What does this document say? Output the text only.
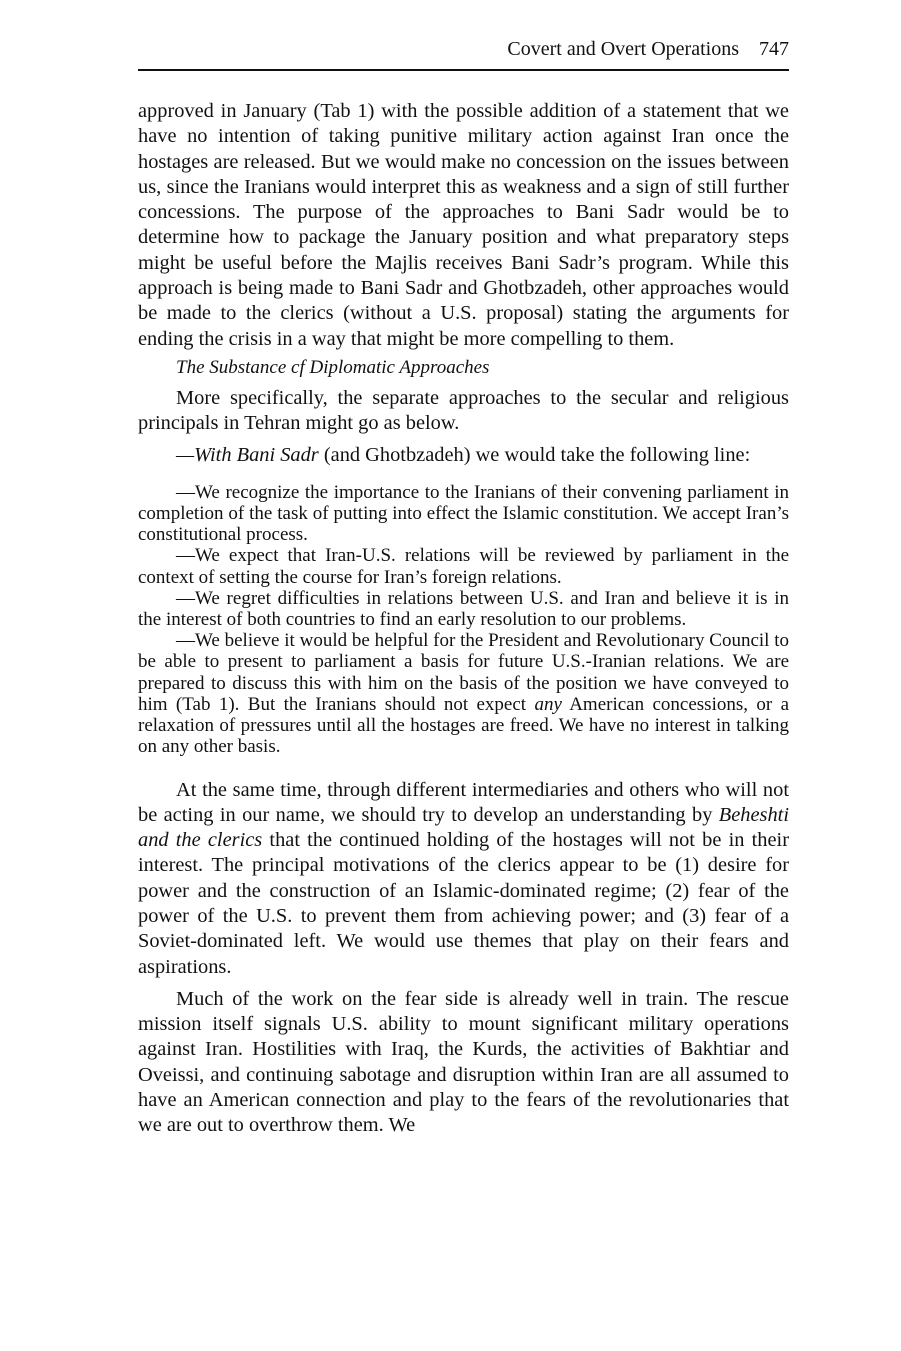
Covert and Overt Operations 747

approved in January (Tab 1) with the possible addition of a statement that we have no intention of taking punitive military action against Iran once the hostages are released. But we would make no concession on the issues between us, since the Iranians would interpret this as weakness and a sign of still further concessions. The purpose of the approaches to Bani Sadr would be to determine how to package the January position and what preparatory steps might be useful before the Majlis receives Bani Sadr’s program. While this approach is being made to Bani Sadr and Ghotbzadeh, other approaches would be made to the clerics (without a U.S. proposal) stating the arguments for ending the crisis in a way that might be more compelling to them.

The Substance cf Diplomatic Approaches

More specifically, the separate approaches to the secular and religious principals in Tehran might go as below.

—With Bani Sadr (and Ghotbzadeh) we would take the following line:

—We recognize the importance to the Iranians of their convening parliament in completion of the task of putting into effect the Islamic constitution. We accept Iran’s constitutional process.

—We expect that Iran-U.S. relations will be reviewed by parliament in the context of setting the course for Iran’s foreign relations.

—We regret difficulties in relations between U.S. and Iran and believe it is in the interest of both countries to find an early resolution to our problems.

—We believe it would be helpful for the President and Revolutionary Council to be able to present to parliament a basis for future U.S.-Iranian relations. We are prepared to discuss this with him on the basis of the position we have conveyed to him (Tab 1). But the Iranians should not expect any American concessions, or a relaxation of pressures until all the hostages are freed. We have no interest in talking on any other basis.

At the same time, through different intermediaries and others who will not be acting in our name, we should try to develop an understanding by Beheshti and the clerics that the continued holding of the hostages will not be in their interest. The principal motivations of the clerics appear to be (1) desire for power and the construction of an Islamic-dominated regime; (2) fear of the power of the U.S. to prevent them from achieving power; and (3) fear of a Soviet-dominated left. We would use themes that play on their fears and aspirations.

Much of the work on the fear side is already well in train. The rescue mission itself signals U.S. ability to mount significant military operations against Iran. Hostilities with Iraq, the Kurds, the activities of Bakhtiar and Oveissi, and continuing sabotage and disruption within Iran are all assumed to have an American connection and play to the fears of the revolutionaries that we are out to overthrow them. We
